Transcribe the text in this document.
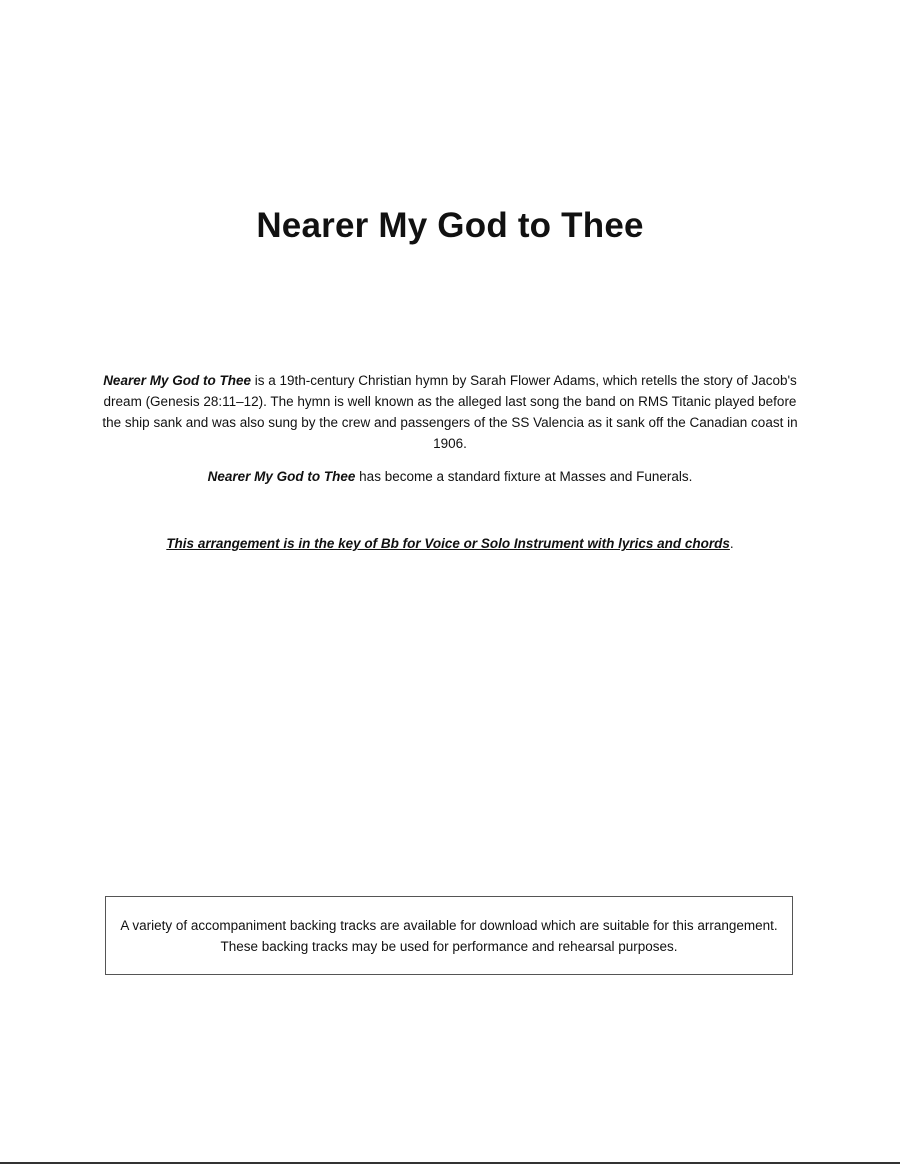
Nearer My God to Thee

Nearer My God to Thee is a 19th-century Christian hymn by Sarah Flower Adams, which retells the story of Jacob's dream (Genesis 28:11–12). The hymn is well known as the alleged last song the band on RMS Titanic played before the ship sank and was also sung by the crew and passengers of the SS Valencia as it sank off the Canadian coast in 1906.

Nearer My God to Thee has become a standard fixture at Masses and Funerals.

This arrangement is in the key of Bb for Voice or Solo Instrument with lyrics and chords.

A variety of accompaniment backing tracks are available for download which are suitable for this arrangement. These backing tracks may be used for performance and rehearsal purposes.
